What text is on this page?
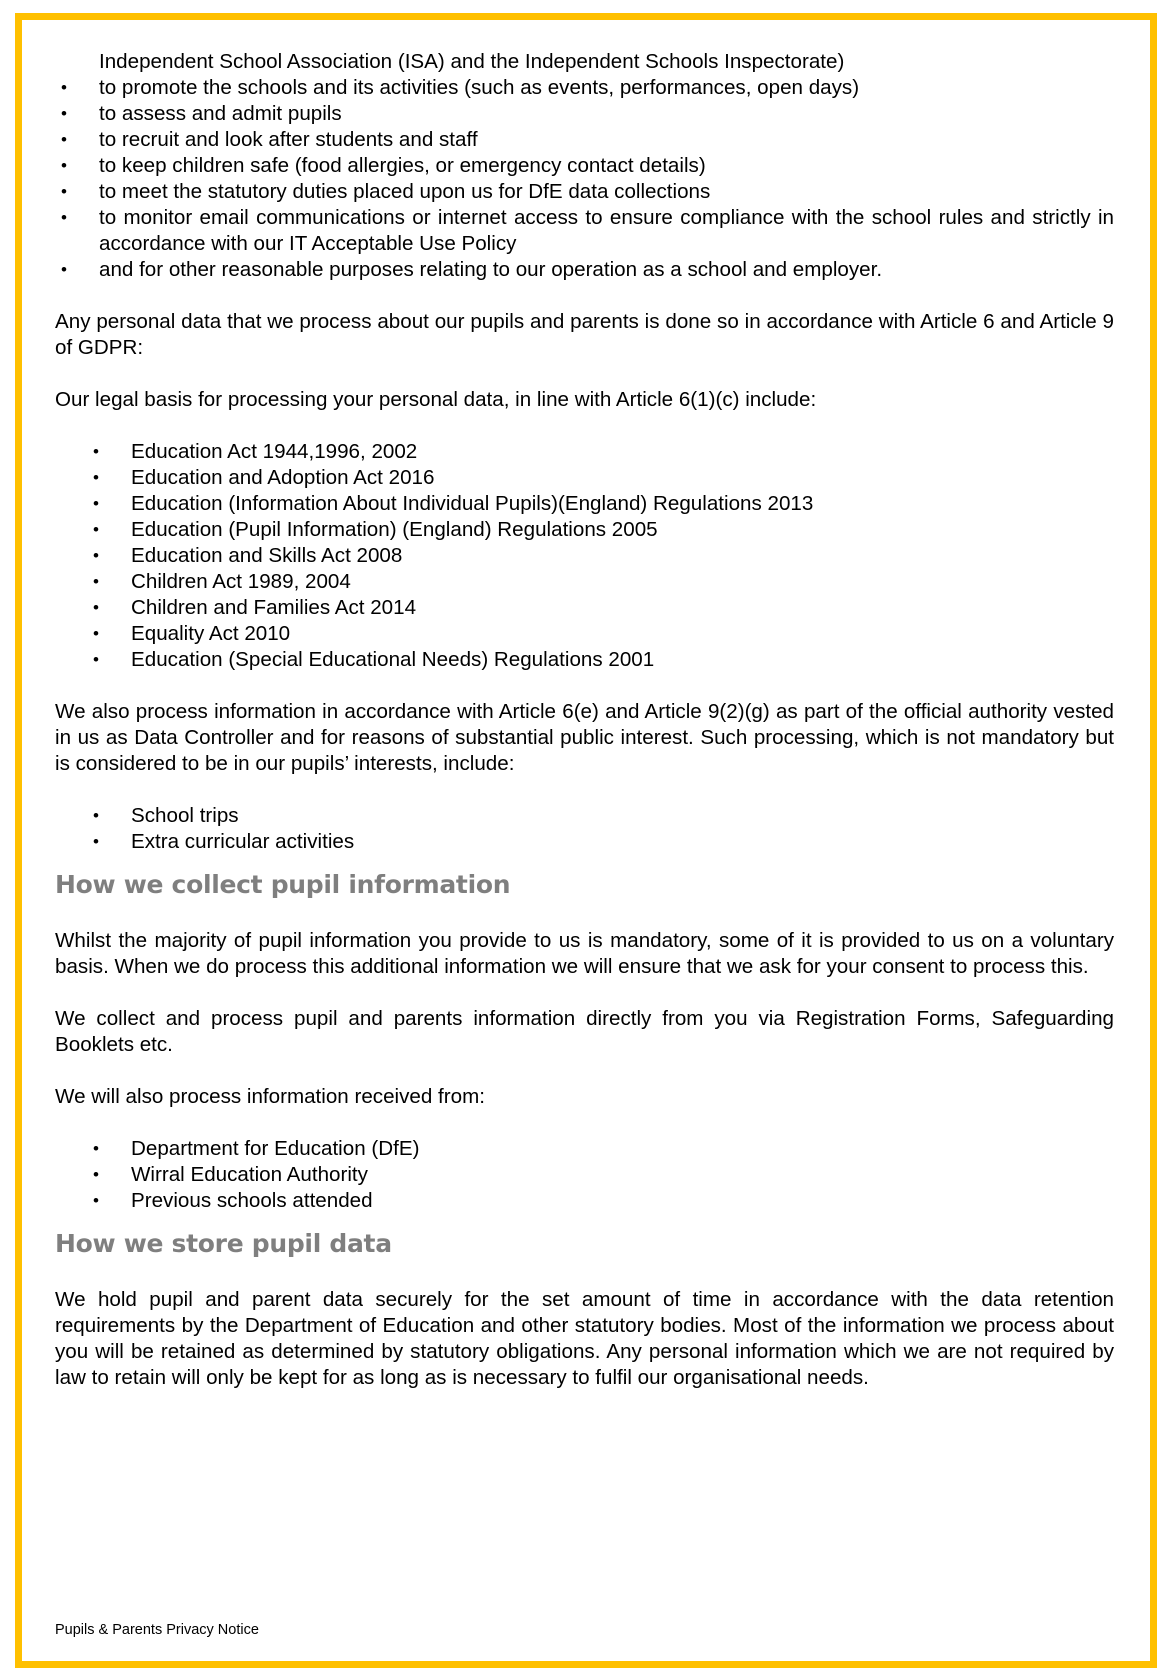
Independent School Association (ISA) and the Independent Schools Inspectorate)
• to promote the schools and its activities (such as events, performances, open days)
• to assess and admit pupils
• to recruit and look after students and staff
• to keep children safe (food allergies, or emergency contact details)
• to meet the statutory duties placed upon us for DfE data collections
• to monitor email communications or internet access to ensure compliance with the school rules and strictly in accordance with our IT Acceptable Use Policy
• and for other reasonable purposes relating to our operation as a school and employer.

Any personal data that we process about our pupils and parents is done so in accordance with Article 6 and Article 9 of GDPR:

Our legal basis for processing your personal data, in line with Article 6(1)(c) include:

• Education Act 1944,1996, 2002
• Education and Adoption Act 2016
• Education (Information About Individual Pupils)(England) Regulations 2013
• Education (Pupil Information) (England) Regulations 2005
• Education and Skills Act 2008
• Children Act 1989, 2004
• Children and Families Act 2014
• Equality Act 2010
• Education (Special Educational Needs) Regulations 2001

We also process information in accordance with Article 6(e) and Article 9(2)(g) as part of the official authority vested in us as Data Controller and for reasons of substantial public interest. Such processing, which is not mandatory but is considered to be in our pupils’ interests, include:

• School trips
• Extra curricular activities
How we collect pupil information

Whilst the majority of pupil information you provide to us is mandatory, some of it is provided to us on a voluntary basis. When we do process this additional information we will ensure that we ask for your consent to process this.

We collect and process pupil and parents information directly from you via Registration Forms, Safeguarding Booklets etc.

We will also process information received from:

• Department for Education (DfE)
• Wirral Education Authority
• Previous schools attended
How we store pupil data

We hold pupil and parent data securely for the set amount of time in accordance with the data retention requirements by the Department of Education and other statutory bodies. Most of the information we process about you will be retained as determined by statutory obligations. Any personal information which we are not required by law to retain will only be kept for as long as is necessary to fulfil our organisational needs.

Pupils & Parents Privacy Notice
